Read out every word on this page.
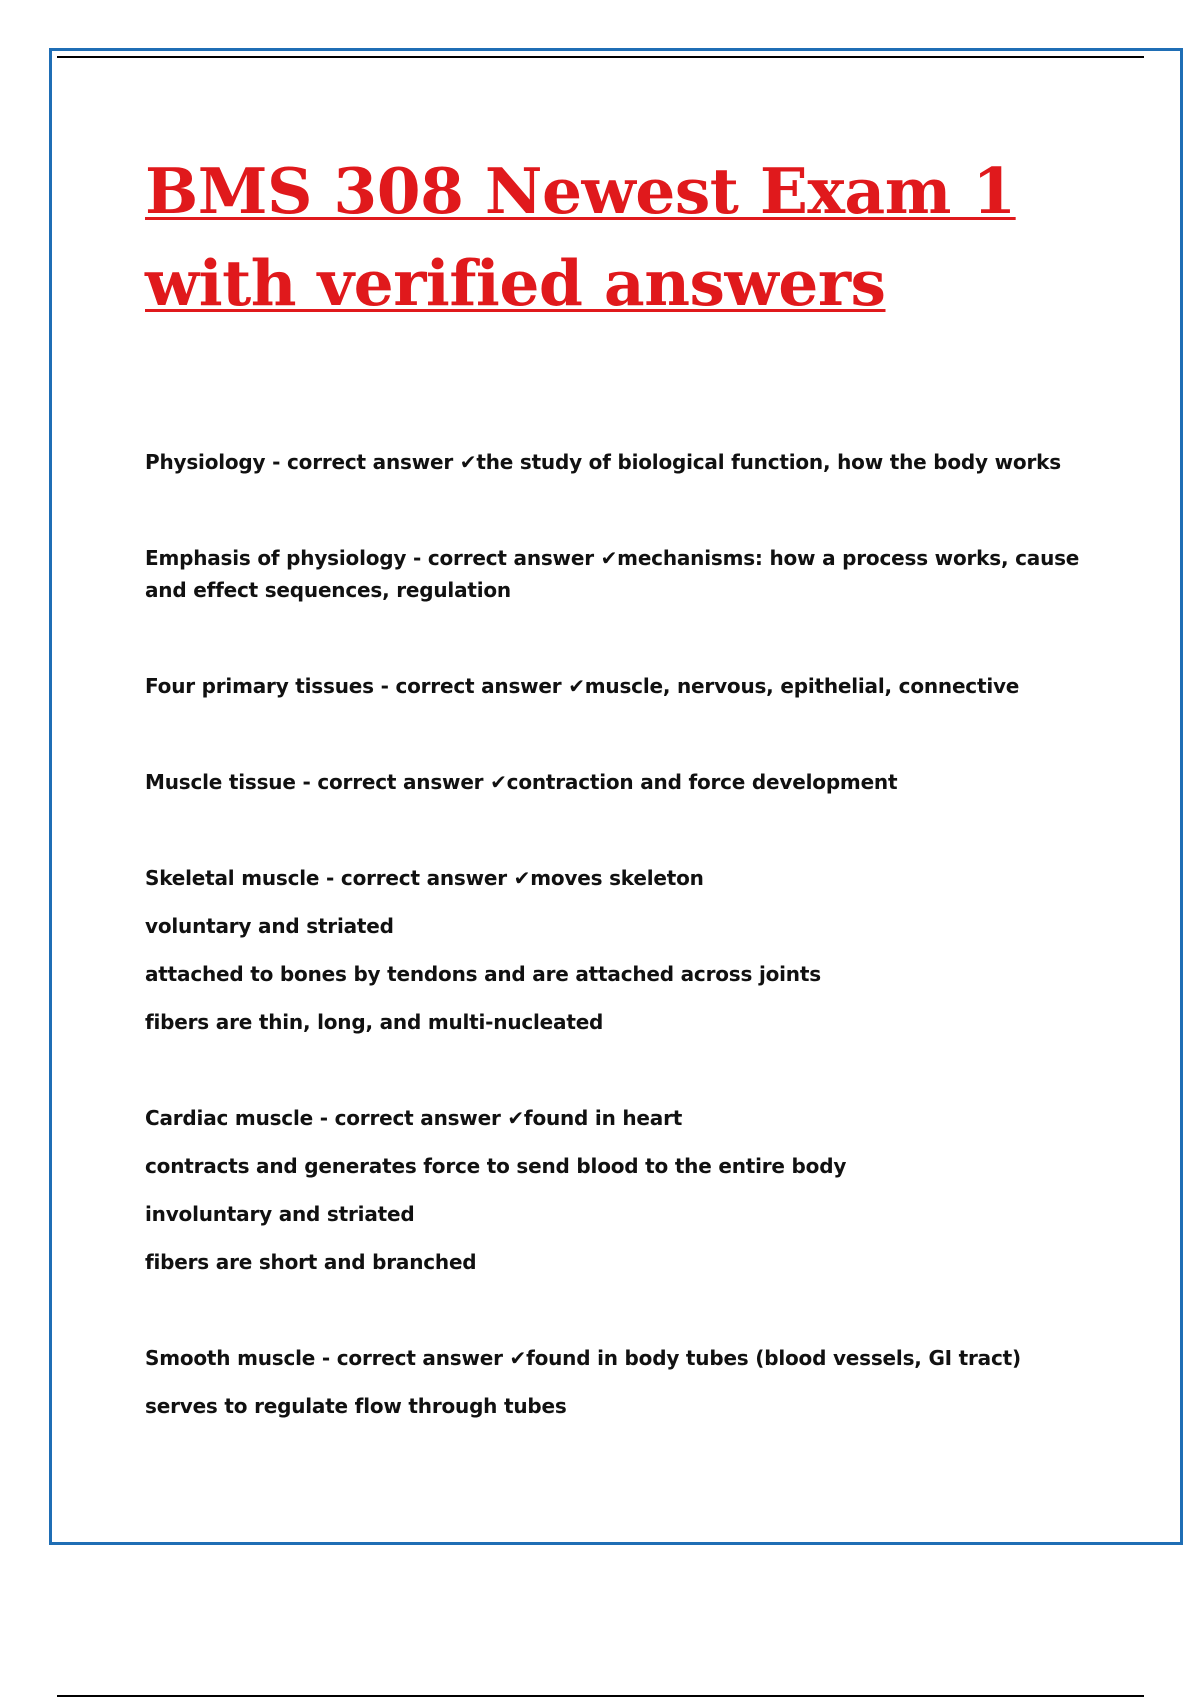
BMS 308 Newest Exam 1 with verified answers

Physiology - correct answer ✔the study of biological function, how the body works

Emphasis of physiology - correct answer ✔mechanisms: how a process works, cause and effect sequences, regulation

Four primary tissues - correct answer ✔muscle, nervous, epithelial, connective

Muscle tissue - correct answer ✔contraction and force development

Skeletal muscle - correct answer ✔moves skeleton

voluntary and striated

attached to bones by tendons and are attached across joints

fibers are thin, long, and multi-nucleated

Cardiac muscle - correct answer ✔found in heart

contracts and generates force to send blood to the entire body

involuntary and striated

fibers are short and branched

Smooth muscle - correct answer ✔found in body tubes (blood vessels, GI tract)

serves to regulate flow through tubes
